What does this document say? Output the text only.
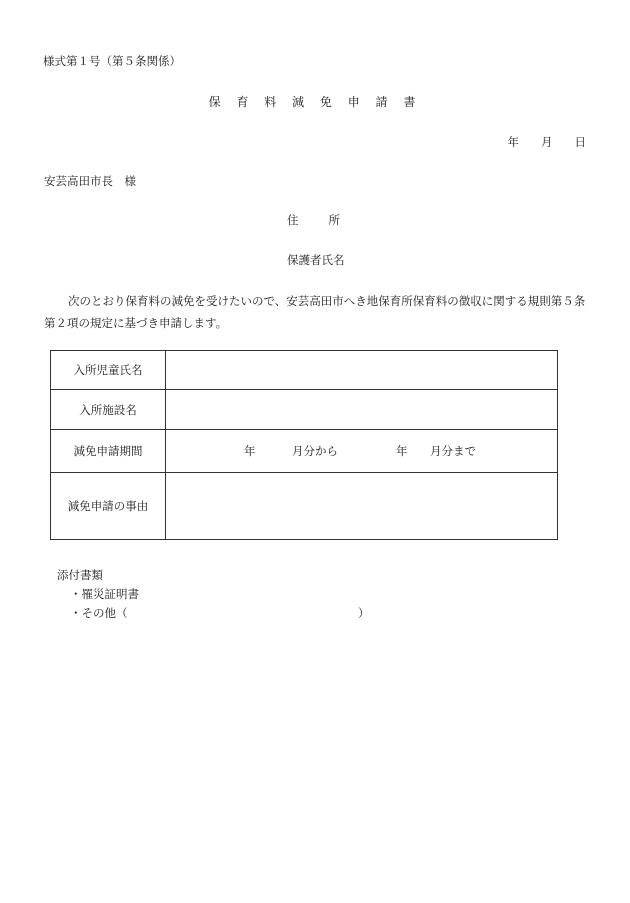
様式第１号（第５条関係）
保 育 料 減 免 申 請 書
年 月 日
安芸高田市長　様
住	所
保護者氏名
次のとおり保育料の減免を受けたいので、安芸高田市へき地保育所保育料の徴収に関する規則第５条第２項の規定に基づき申請します。
入所児童氏名	
入所施設名	
減免申請期間	年 月分から 年 月分まで

減免申請の事由	
添付書類
・罹災証明書
・その他（	）
